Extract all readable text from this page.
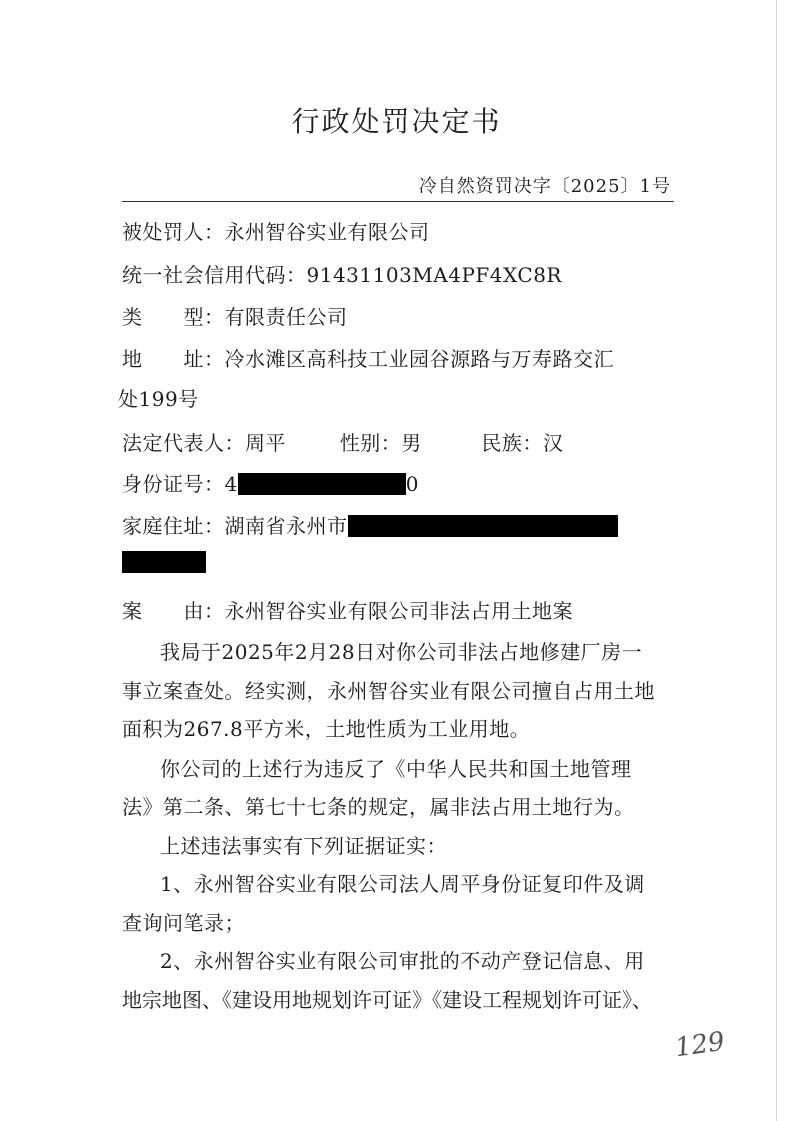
行政处罚决定书
冷自然资罚决字〔2025〕1号
被处罚人：永州智谷实业有限公司
统一社会信用代码：91431103MA4PF4XC8R
类　　型：有限责任公司
地　　址：冷水滩区高科技工业园谷源路与万寿路交汇
处199号
法定代表人：周平	性别：男	民族：汉
身份证号：4	0
家庭住址：湖南省永州市
案　　由：永州智谷实业有限公司非法占用土地案
我局于2025年2月28日对你公司非法占地修建厂房一
事立案查处。经实测，永州智谷实业有限公司擅自占用土地
面积为267.8平方米，土地性质为工业用地。
你公司的上述行为违反了《中华人民共和国土地管理
法》第二条、第七十七条的规定，属非法占用土地行为。
上述违法事实有下列证据证实：
1、永州智谷实业有限公司法人周平身份证复印件及调
查询问笔录；
2、永州智谷实业有限公司审批的不动产登记信息、用
地宗地图、《建设用地规划许可证》《建设工程规划许可证》、
129
